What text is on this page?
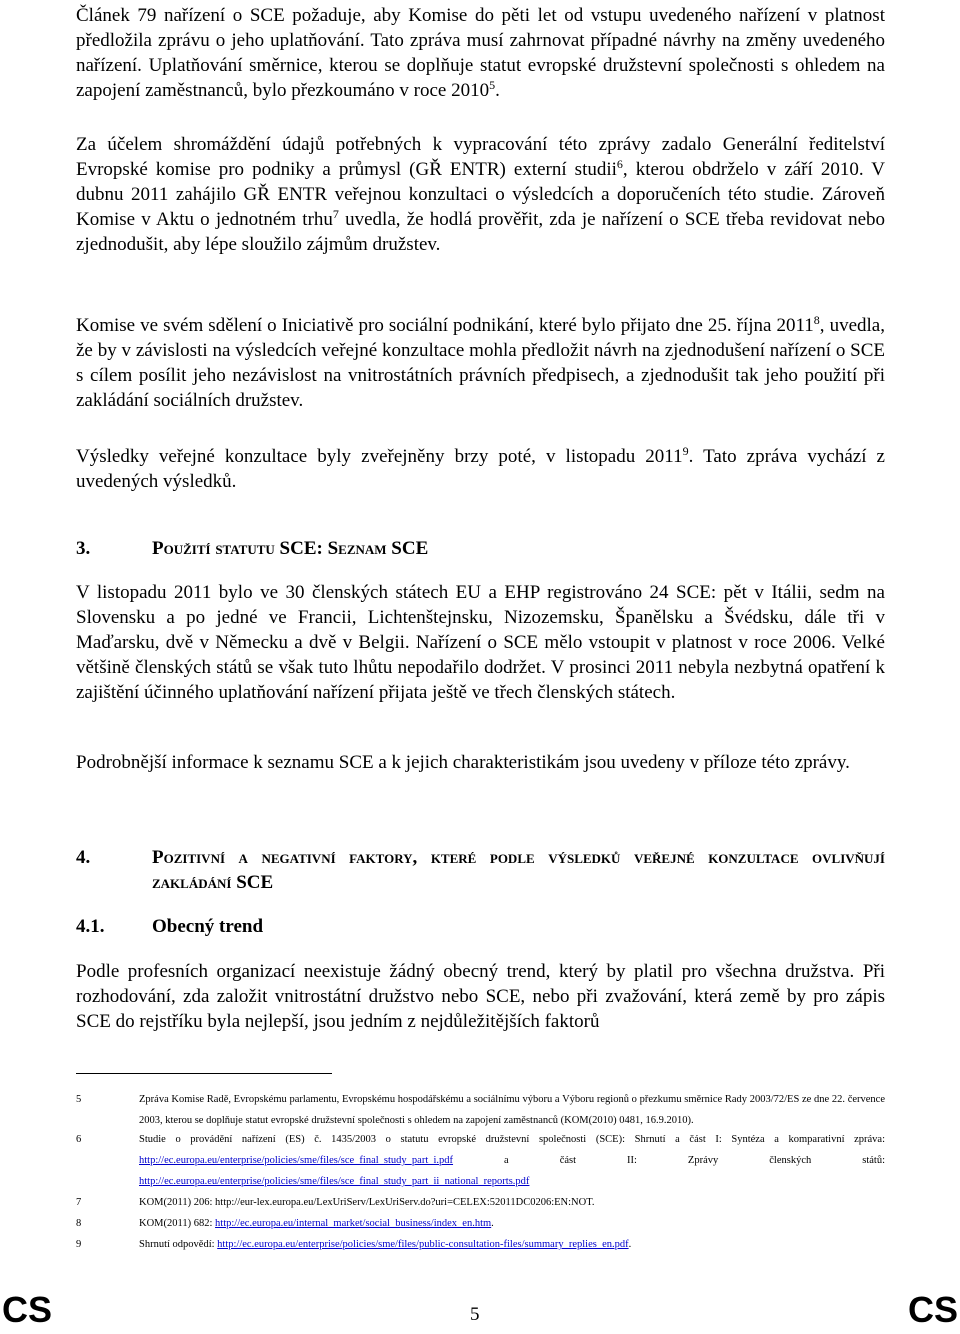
Článek 79 nařízení o SCE požaduje, aby Komise do pěti let od vstupu uvedeného nařízení v platnost předložila zprávu o jeho uplatňování. Tato zpráva musí zahrnovat případné návrhy na změny uvedeného nařízení. Uplatňování směrnice, kterou se doplňuje statut evropské družstevní společnosti s ohledem na zapojení zaměstnanců, bylo přezkoumáno v roce 2010$^5$.

Za účelem shromáždění údajů potřebných k vypracování této zprávy zadalo Generální ředitelství Evropské komise pro podniky a průmysl (GŘ ENTR) externí studii$^6$, kterou obdrželo v září 2010. V dubnu 2011 zahájilo GŘ ENTR veřejnou konzultaci o výsledcích a doporučeních této studie. Zároveň Komise v Aktu o jednotném trhu$^7$ uvedla, že hodlá prověřit, zda je nařízení o SCE třeba revidovat nebo zjednodušit, aby lépe sloužilo zájmům družstev.

Komise ve svém sdělení o Iniciativě pro sociální podnikání, které bylo přijato dne 25. října 2011$^8$, uvedla, že by v závislosti na výsledcích veřejné konzultace mohla předložit návrh na zjednodušení nařízení o SCE s cílem posílit jeho nezávislost na vnitrostátních právních předpisech, a zjednodušit tak jeho použití při zakládání sociálních družstev.

Výsledky veřejné konzultace byly zveřejněny brzy poté, v listopadu 2011$^9$. Tato zpráva vychází z uvedených výsledků.

3.	Použití statutu SCE: Seznam SCE

V listopadu 2011 bylo ve 30 členských státech EU a EHP registrováno 24 SCE: pět v Itálii, sedm na Slovensku a po jedné ve Francii, Lichtenštejnsku, Nizozemsku, Španělsku a Švédsku, dále tři v Maďarsku, dvě v Německu a dvě v Belgii. Nařízení o SCE mělo vstoupit v platnost v roce 2006. Velké většině členských států se však tuto lhůtu nepodařilo dodržet. V prosinci 2011 nebyla nezbytná opatření k zajištění účinného uplatňování nařízení přijata ještě ve třech členských státech.

Podrobnější informace k seznamu SCE a k jejich charakteristikám jsou uvedeny v příloze této zprávy.

4.	Pozitivní a negativní faktory, které podle výsledků veřejné konzultace ovlivňují zakládání SCE
4.1.	Obecný trend

Podle profesních organizací neexistuje žádný obecný trend, který by platil pro všechna družstva. Při rozhodování, zda založit vnitrostátní družstvo nebo SCE, nebo při zvažování, která země by pro zápis SCE do rejstříku byla nejlepší, jsou jedním z nejdůležitějších faktorů

5	Zpráva Komise Radě, Evropskému parlamentu, Evropskému hospodářskému a sociálnímu výboru a Výboru regionů o přezkumu směrnice Rady 2003/72/ES ze dne 22. července 2003, kterou se doplňuje statut evropské družstevní společnosti s ohledem na zapojení zaměstnanců (KOM(2010) 0481, 16.9.2010).
6	Studie o provádění nařízení (ES) č. 1435/2003 o statutu evropské družstevní společnosti (SCE): Shrnutí a část I: Syntéza a komparativní zpráva: http://ec.europa.eu/enterprise/policies/sme/files/sce_final_study_part_i.pdf a část II: Zprávy členských států: http://ec.europa.eu/enterprise/policies/sme/files/sce_final_study_part_ii_national_reports.pdf
7	KOM(2011) 206: http://eur-lex.europa.eu/LexUriServ/LexUriServ.do?uri=CELEX:52011DC0206:EN:NOT.
8	KOM(2011) 682: http://ec.europa.eu/internal_market/social_business/index_en.htm.
9	Shrnutí odpovědí: http://ec.europa.eu/enterprise/policies/sme/files/public-consultation-files/summary_replies_en.pdf.
CS	5	CS
